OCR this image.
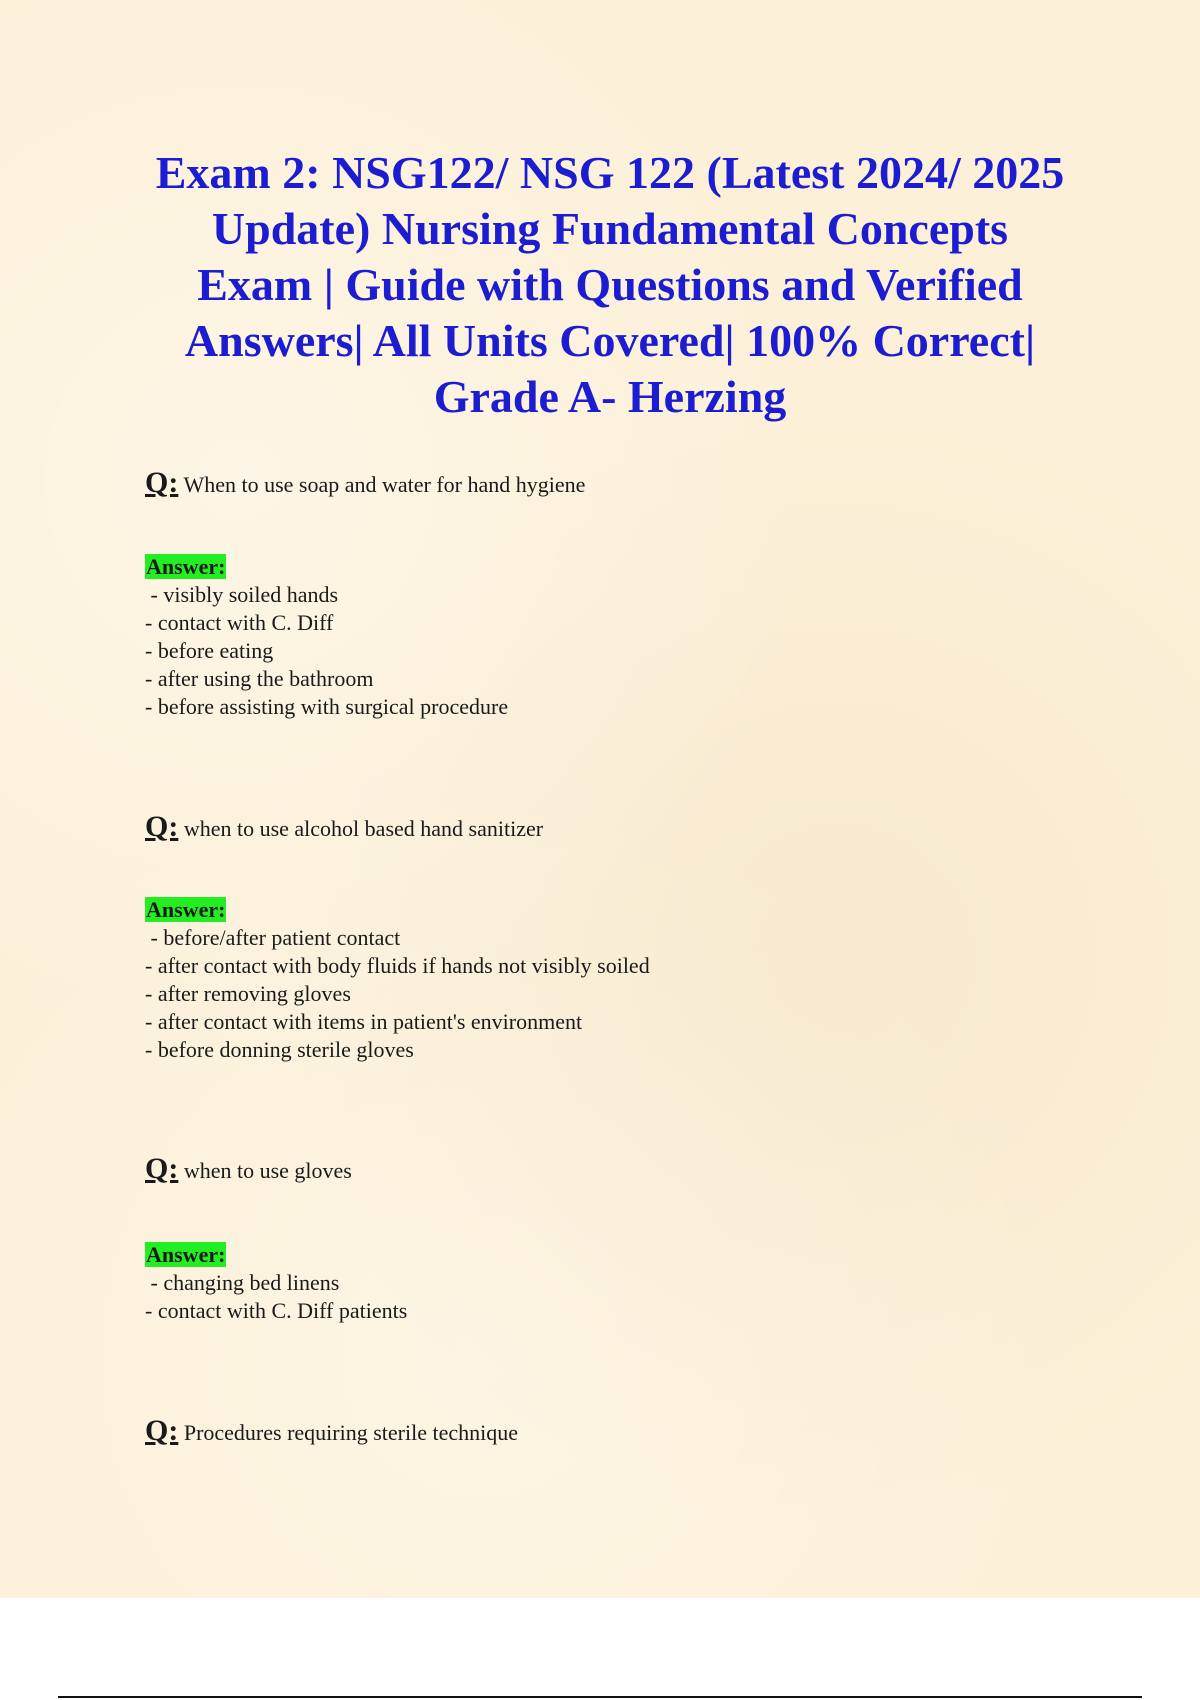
Exam 2: NSG122/ NSG 122 (Latest 2024/ 2025 Update) Nursing Fundamental Concepts Exam | Guide with Questions and Verified Answers| All Units Covered| 100% Correct| Grade A- Herzing
Q: When to use soap and water for hand hygiene
Answer:
- visibly soiled hands
- contact with C. Diff
- before eating
- after using the bathroom
- before assisting with surgical procedure
Q: when to use alcohol based hand sanitizer
Answer:
- before/after patient contact
- after contact with body fluids if hands not visibly soiled
- after removing gloves
- after contact with items in patient's environment
- before donning sterile gloves
Q: when to use gloves
Answer:
- changing bed linens
- contact with C. Diff patients
Q: Procedures requiring sterile technique
